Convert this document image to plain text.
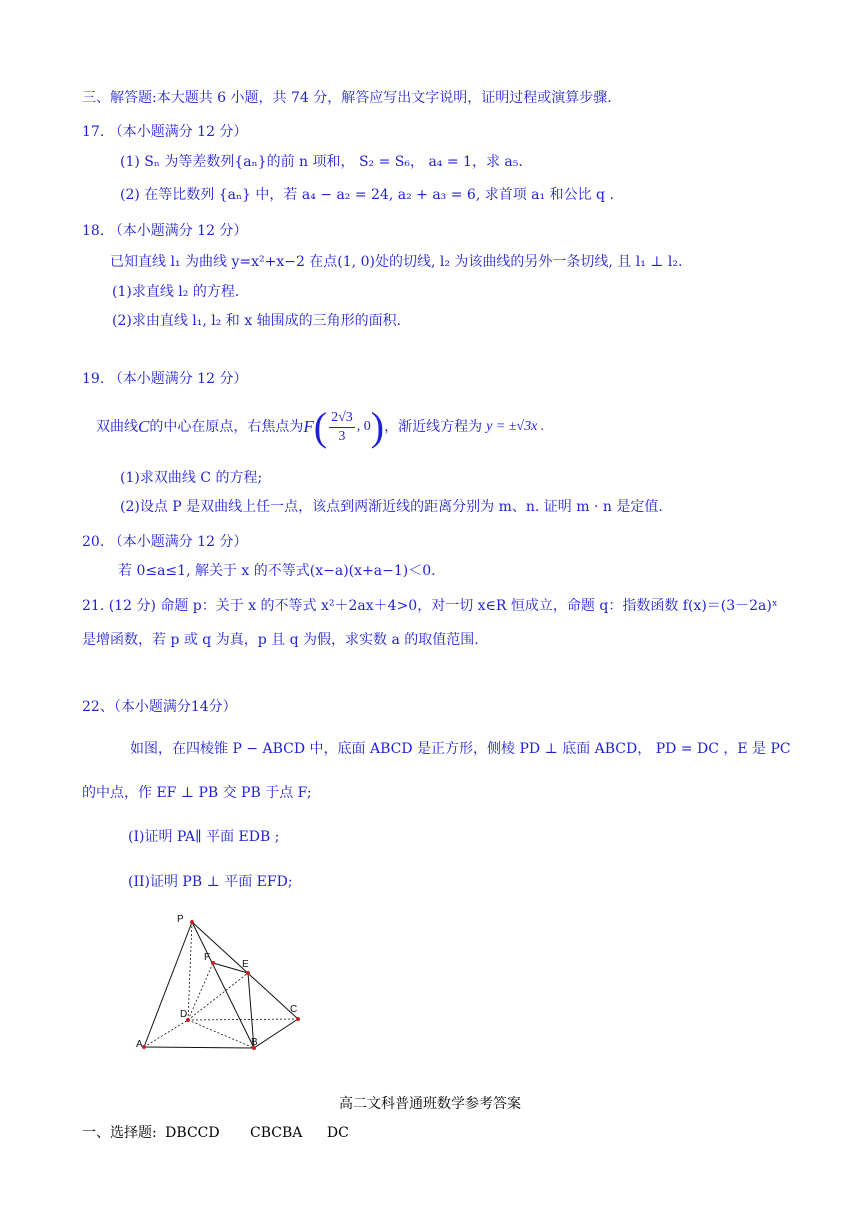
三、解答题:本大题共 6 小题，共 74 分，解答应写出文字说明，证明过程或演算步骤.
17. （本小题满分 12 分）
(1) Sₙ 为等差数列{aₙ}的前 n 项和， S₂ = S₆， a₄ = 1，求 a₅.
(2) 在等比数列 {aₙ} 中，若 a₄ − a₂ = 24, a₂ + a₃ = 6, 求首项 a₁ 和公比 q .
18. （本小题满分 12 分）
已知直线 l₁ 为曲线 y=x²+x−2 在点(1, 0)处的切线, l₂ 为该曲线的另外一条切线, 且 l₁ ⊥ l₂.
(1)求直线 l₂ 的方程.
(2)求由直线 l₁, l₂ 和 x 轴围成的三角形的面积.
19. （本小题满分 12 分）
双曲线 C 的中心在原点，右焦点为 F ( $\frac{2√3}{3}$ , 0 ) ，渐近线方程为 y = ±√3x .
(1)求双曲线 C 的方程;
(2)设点 P 是双曲线上任一点，该点到两渐近线的距离分别为 m、n. 证明 m · n 是定值.
20. （本小题满分 12 分）
若 0≤a≤1, 解关于 x 的不等式(x−a)(x+a−1)＜0.
21. (12 分) 命题 p：关于 x 的不等式 x²＋2ax＋4>0，对一切 x∈R 恒成立，命题 q：指数函数 f(x)＝(3－2a)ˣ
是增函数，若 p 或 q 为真，p 且 q 为假，求实数 a 的取值范围.
22、（本小题满分14分）
如图，在四棱锥 P − ABCD 中，底面 ABCD 是正方形，侧棱 PD ⊥ 底面 ABCD， PD = DC ，E 是 PC
的中点，作 EF ⊥ PB 交 PB 于点 F;
(I)证明 PA∥ 平面 EDB ;
(II)证明 PB ⊥ 平面 EFD;
P
F
E
C
D
A	B
高二文科普通班数学参考答案
一、选择题: DBCCD CBCBA DC
